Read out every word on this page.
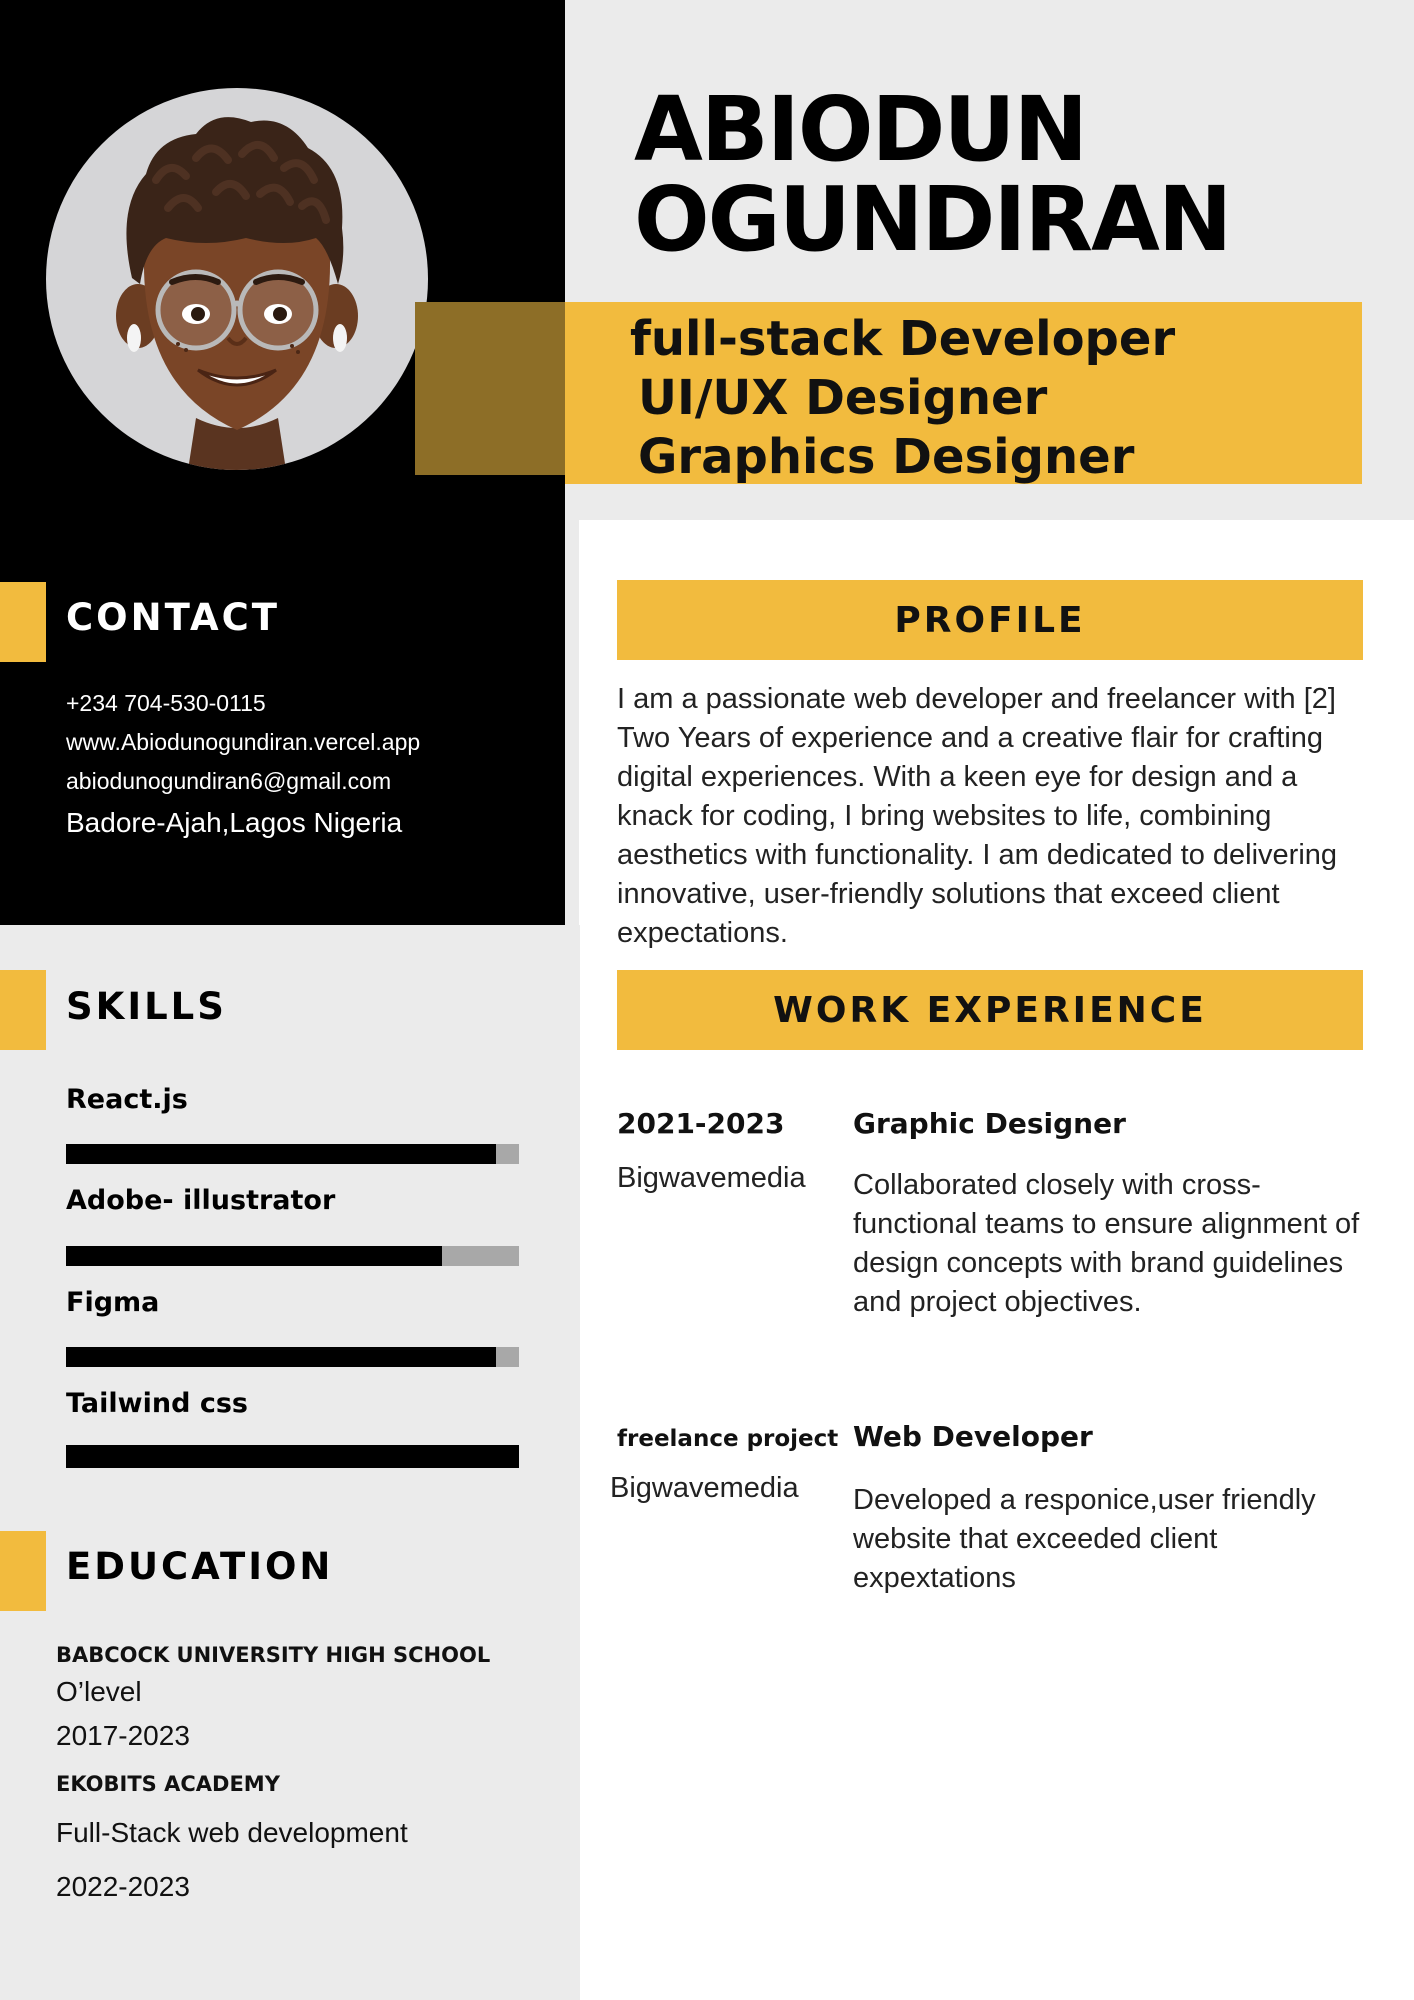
ABIODUN
OGUNDIRAN
full-stack Developer
UI/UX Designer
Graphics Designer
CONTACT
+234 704-530-0115
www.Abiodunogundiran.vercel.app
abiodunogundiran6@gmail.com
Badore-Ajah,Lagos Nigeria
SKILLS
React.js
Adobe- illustrator
Figma
Tailwind css
EDUCATION
BABCOCK UNIVERSITY HIGH SCHOOL
O’level
2017-2023
EKOBITS ACADEMY
Full-Stack web development
2022-2023
PROFILE
I am a passionate web developer and freelancer with [2] Two Years of experience and a creative flair for crafting digital experiences. With a keen eye for design and a knack for coding, I bring websites to life, combining aesthetics with functionality. I am dedicated to delivering innovative, user-friendly solutions that exceed client expectations.
WORK EXPERIENCE
2021-2023
Bigwavemedia
Graphic Designer
Collaborated closely with cross-functional teams to ensure alignment of design concepts with brand guidelines and project objectives.
freelance project
Bigwavemedia
Web Developer
Developed a responice,user friendly website that exceeded client expextations
